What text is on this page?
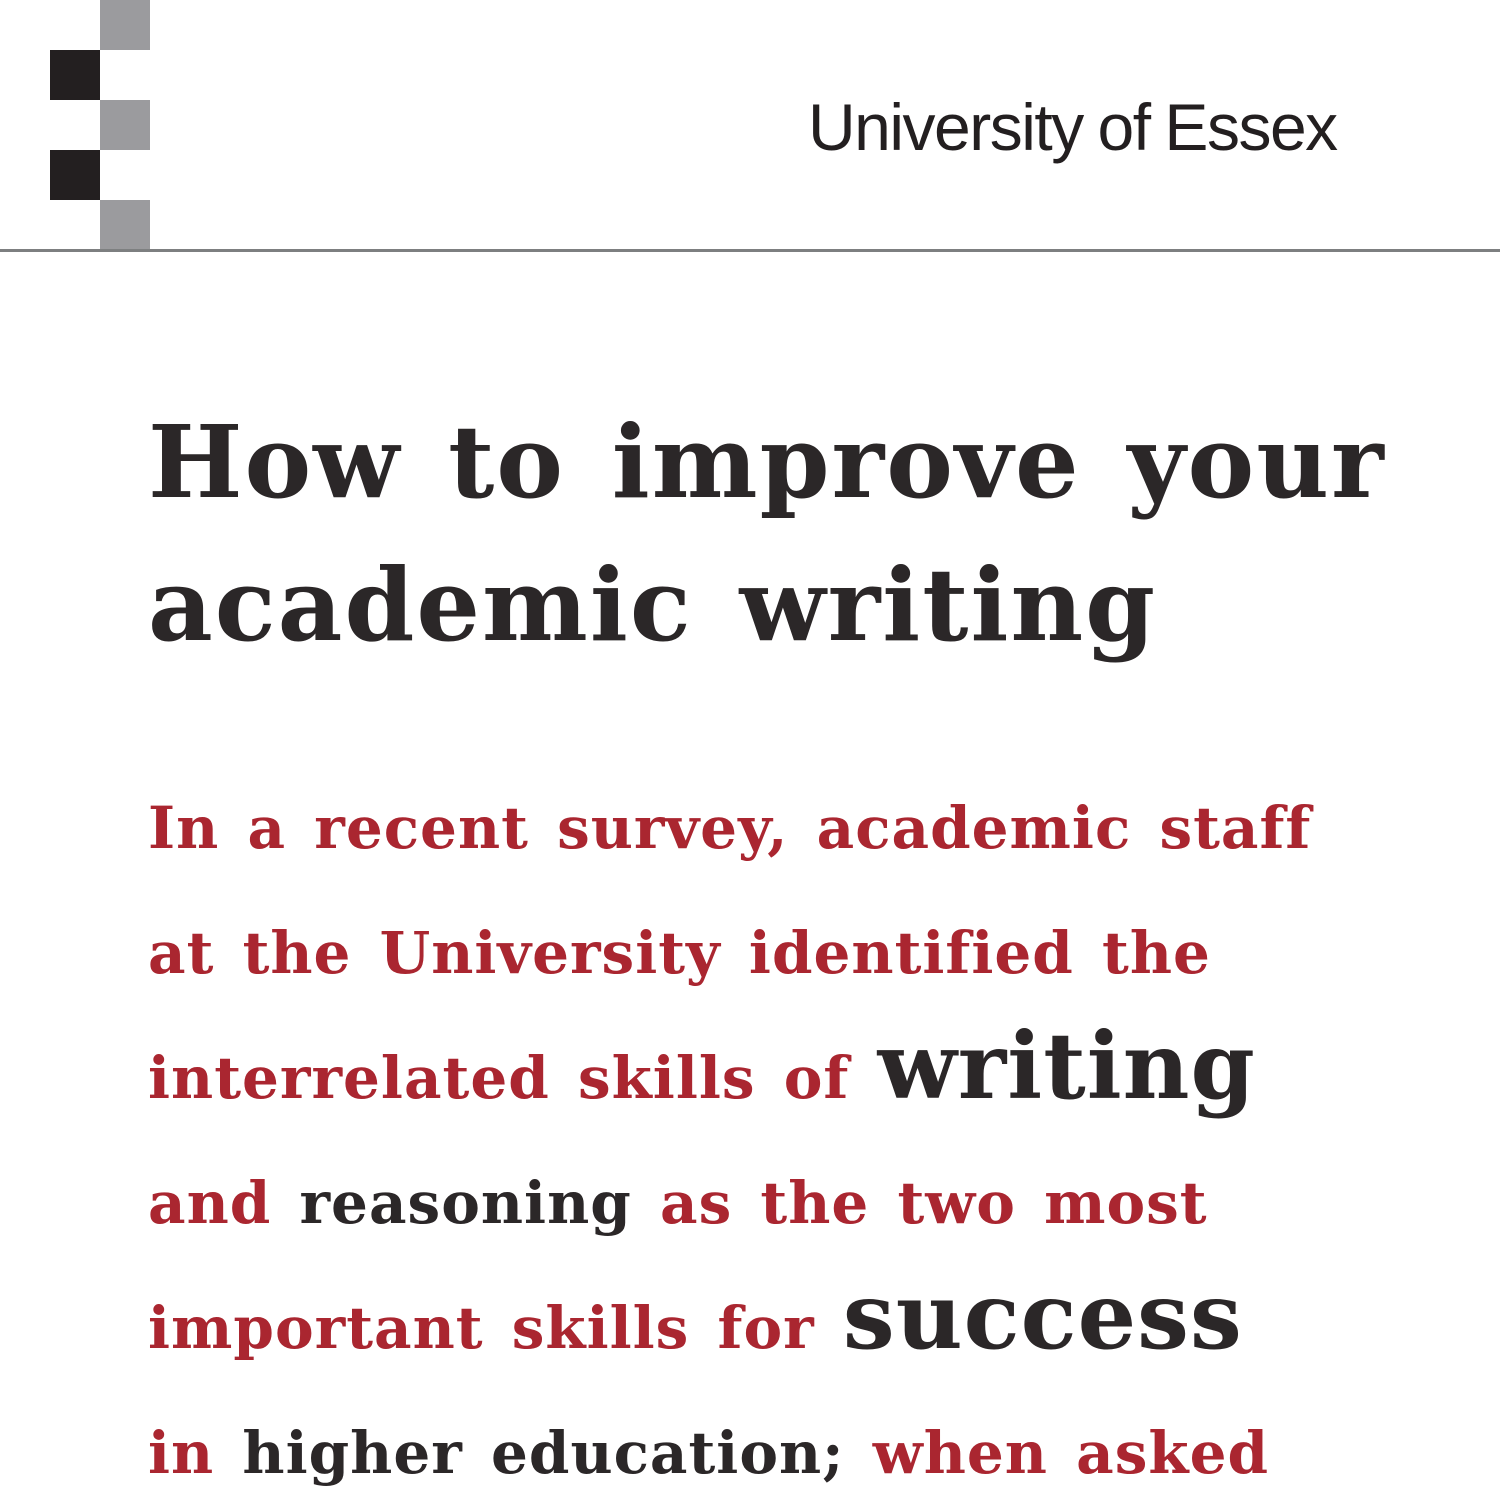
University of Essex
How to improve your
academic writing
In a recent survey, academic staff
at the University identified the
interrelated skills of writing
and reasoning as the two most
important skills for success
in higher education; when asked
